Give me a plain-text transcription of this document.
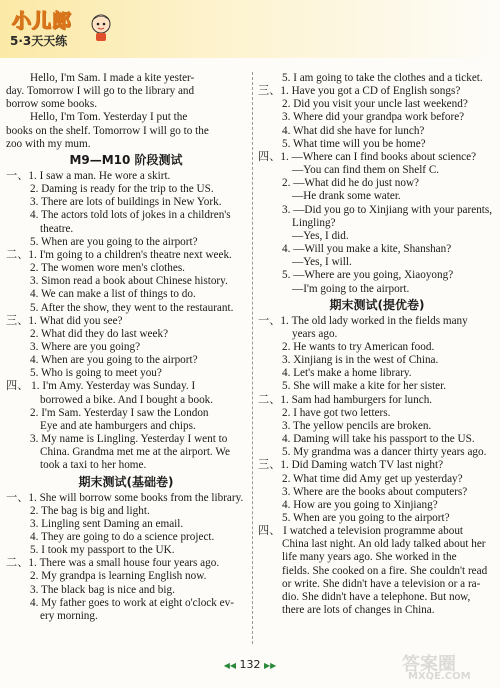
小儿郎
5·3天天练
Hello, I'm Sam. I made a kite yester-
day. Tomorrow I will go to the library and
borrow some books.
Hello, I'm Tom. Yesterday I put the
books on the shelf. Tomorrow I will go to the
zoo with my mum.
M9—M10 阶段测试
一、1. I saw a man. He wore a skirt.
2. Daming is ready for the trip to the US.
3. There are lots of buildings in New York.
4. The actors told lots of jokes in a children's
theatre.
5. When are you going to the airport?
二、1. I'm going to a children's theatre next week.
2. The women wore men's clothes.
3. Simon read a book about Chinese history.
4. We can make a list of things to do.
5. After the show, they went to the restaurant.
三、1. What did you see?
2. What did they do last week?
3. Where are you going?
4. When are you going to the airport?
5. Who is going to meet you?
四、 1. I'm Amy. Yesterday was Sunday. I
borrowed a bike. And I bought a book.
2. I'm Sam. Yesterday I saw the London
Eye and ate hamburgers and chips.
3. My name is Lingling. Yesterday I went to
China. Grandma met me at the airport. We
took a taxi to her home.
期末测试(基础卷)
一、1. She will borrow some books from the library.
2. The bag is big and light.
3. Lingling sent Daming an email.
4. They are going to do a science project.
5. I took my passport to the UK.
二、1. There was a small house four years ago.
2. My grandpa is learning English now.
3. The black bag is nice and big.
4. My father goes to work at eight o'clock ev-
ery morning.
5. I am going to take the clothes and a ticket.
三、1. Have you got a CD of English songs?
2. Did you visit your uncle last weekend?
3. Where did your grandpa work before?
4. What did she have for lunch?
5. What time will you be home?
四、1. —Where can I find books about science?
—You can find them on Shelf C.
2. —What did he do just now?
—He drank some water.
3. —Did you go to Xinjiang with your parents,
Lingling?
—Yes, I did.
4. —Will you make a kite, Shanshan?
—Yes, I will.
5. —Where are you going, Xiaoyong?
—I'm going to the airport.
期末测试(提优卷)
一、1. The old lady worked in the fields many
years ago.
2. He wants to try American food.
3. Xinjiang is in the west of China.
4. Let's make a home library.
5. She will make a kite for her sister.
二、1. Sam had hamburgers for lunch.
2. I have got two letters.
3. The yellow pencils are broken.
4. Daming will take his passport to the US.
5. My grandma was a dancer thirty years ago.
三、1. Did Daming watch TV last night?
2. What time did Amy get up yesterday?
3. Where are the books about computers?
4. How are you going to Xinjiang?
5. When are you going to the airport?
四、 I watched a television programme about
China last night. An old lady talked about her
life many years ago. She worked in the
fields. She cooked on a fire. She couldn't read
or write. She didn't have a television or a ra-
dio. She didn't have a telephone. But now,
there are lots of changes in China.
◀◀ 132 ▶▶	答案圈
MXQE.COM
